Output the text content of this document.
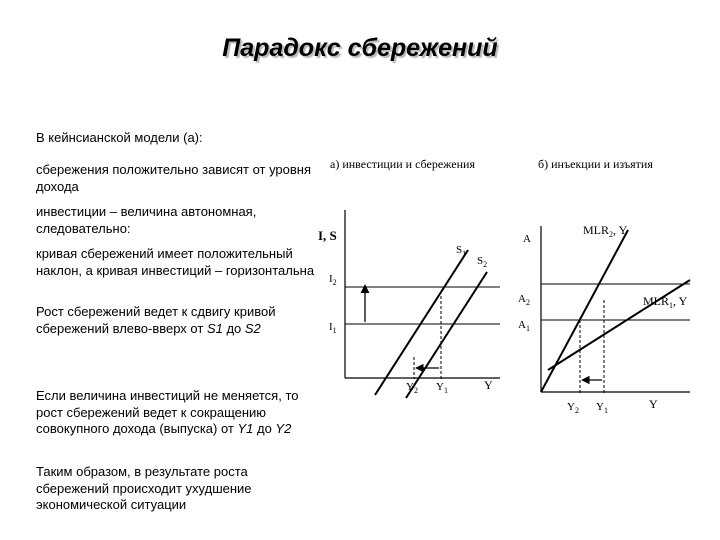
Парадокс сбережений

В кейнсианской модели (а):

сбережения положительно зависят от уровня дохода

инвестиции – величина автономная, следовательно:

кривая сбережений имеет положительный наклон, а кривая инвестиций – горизонтальна

Рост сбережений ведет к сдвигу кривой сбережений влево-вверх от S1 до S2

Если величина инвестиций не меняется, то рост сбережений ведет к сокращению совокупного дохода (выпуска) от Y1 до Y2

Таким образом, в результате роста сбережений происходит ухудшение экономической ситуации

а) инвестиции и сбережения
I, S
Y
$S_1$
$S_2$
$I_2$
$I_1$
$Y_2$ $Y_1$
б) инъекции и изъятия
Y
A
$MLR_2$, Y
$MLR_1$, Y
$A_2$
$A_1$
$Y_2$ $Y_1$
